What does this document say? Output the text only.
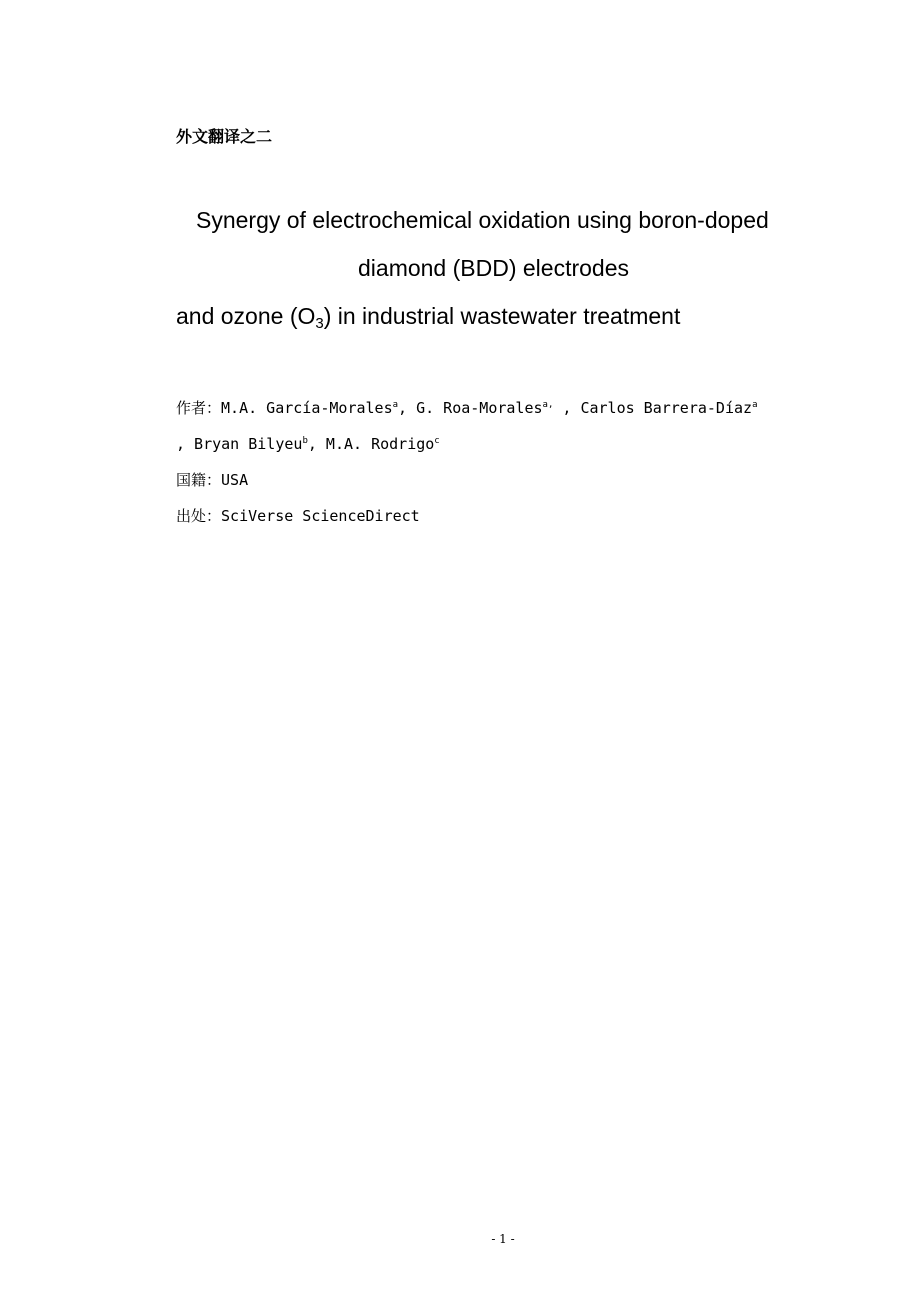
外文翻译之二
Synergy of electrochemical oxidation using boron-doped
diamond (BDD) electrodes
and ozone $(O_3)$ in industrial wastewater treatment

作者：M.A. García-Morales$^a$, G. Roa-Morales$^{a,}$ , Carlos Barrera-Díaz$^a$

, Bryan Bilyeu$^b$, M.A. Rodrigo$^c$

国籍：USA

出处：SciVerse ScienceDirect

- 1 -
